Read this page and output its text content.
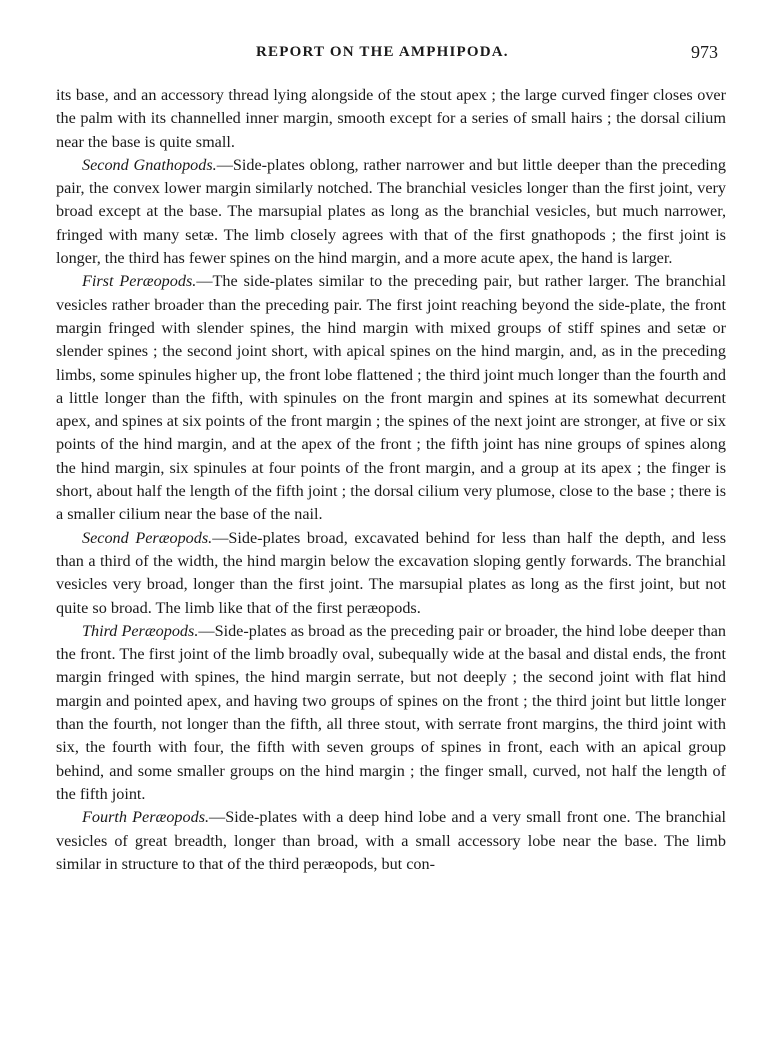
REPORT ON THE AMPHIPODA.	973

its base, and an accessory thread lying alongside of the stout apex ; the large curved finger closes over the palm with its channelled inner margin, smooth except for a series of small hairs ; the dorsal cilium near the base is quite small.

Second Gnathopods.—Side-plates oblong, rather narrower and but little deeper than the preceding pair, the convex lower margin similarly notched. The branchial vesicles longer than the first joint, very broad except at the base. The marsupial plates as long as the branchial vesicles, but much narrower, fringed with many setæ. The limb closely agrees with that of the first gnathopods ; the first joint is longer, the third has fewer spines on the hind margin, and a more acute apex, the hand is larger.

First Peræopods.—The side-plates similar to the preceding pair, but rather larger. The branchial vesicles rather broader than the preceding pair. The first joint reaching beyond the side-plate, the front margin fringed with slender spines, the hind margin with mixed groups of stiff spines and setæ or slender spines ; the second joint short, with apical spines on the hind margin, and, as in the preceding limbs, some spinules higher up, the front lobe flattened ; the third joint much longer than the fourth and a little longer than the fifth, with spinules on the front margin and spines at its somewhat decurrent apex, and spines at six points of the front margin ; the spines of the next joint are stronger, at five or six points of the hind margin, and at the apex of the front ; the fifth joint has nine groups of spines along the hind margin, six spinules at four points of the front margin, and a group at its apex ; the finger is short, about half the length of the fifth joint ; the dorsal cilium very plumose, close to the base ; there is a smaller cilium near the base of the nail.

Second Peræopods.—Side-plates broad, excavated behind for less than half the depth, and less than a third of the width, the hind margin below the excavation sloping gently forwards. The branchial vesicles very broad, longer than the first joint. The marsupial plates as long as the first joint, but not quite so broad. The limb like that of the first peræopods.

Third Peræopods.—Side-plates as broad as the preceding pair or broader, the hind lobe deeper than the front. The first joint of the limb broadly oval, subequally wide at the basal and distal ends, the front margin fringed with spines, the hind margin serrate, but not deeply ; the second joint with flat hind margin and pointed apex, and having two groups of spines on the front ; the third joint but little longer than the fourth, not longer than the fifth, all three stout, with serrate front margins, the third joint with six, the fourth with four, the fifth with seven groups of spines in front, each with an apical group behind, and some smaller groups on the hind margin ; the finger small, curved, not half the length of the fifth joint.

Fourth Peræopods.—Side-plates with a deep hind lobe and a very small front one. The branchial vesicles of great breadth, longer than broad, with a small accessory lobe near the base. The limb similar in structure to that of the third peræopods, but con-
